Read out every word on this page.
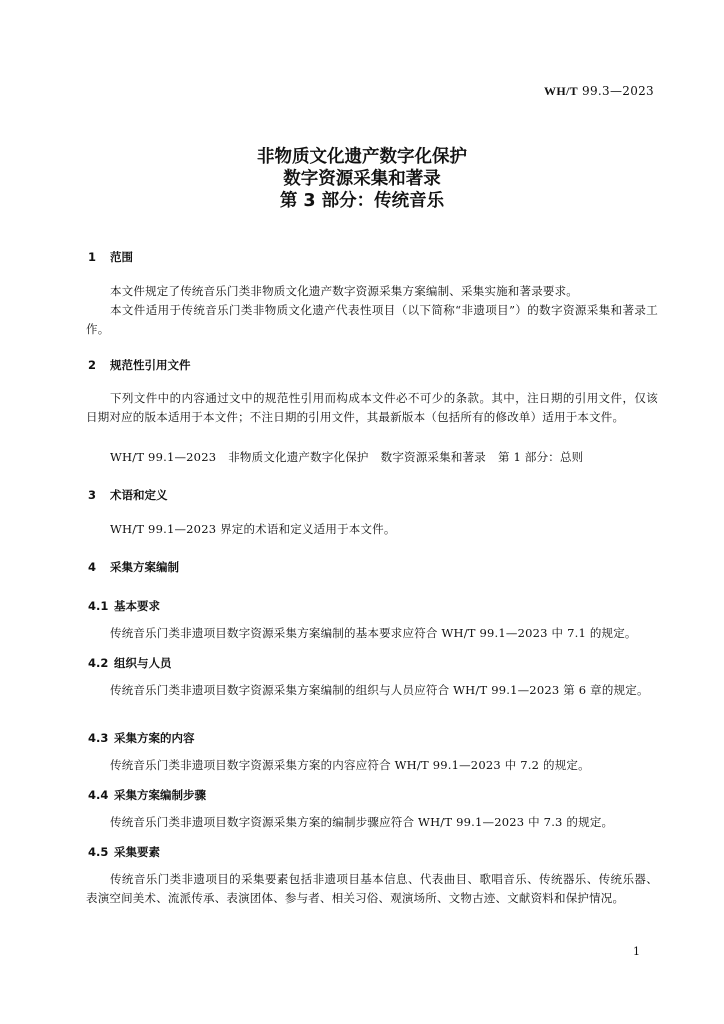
WH/T 99.3—2023
非物质文化遗产数字化保护
数字资源采集和著录
第 3 部分：传统音乐
1 范围
本文件规定了传统音乐门类非物质文化遗产数字资源采集方案编制、采集实施和著录要求。
本文件适用于传统音乐门类非物质文化遗产代表性项目（以下简称“非遗项目”）的数字资源采集和著录工作。
2 规范性引用文件
下列文件中的内容通过文中的规范性引用而构成本文件必不可少的条款。其中，注日期的引用文件，仅该日期对应的版本适用于本文件；不注日期的引用文件，其最新版本（包括所有的修改单）适用于本文件。
WH/T 99.1—2023 非物质文化遗产数字化保护 数字资源采集和著录 第 1 部分：总则
3 术语和定义
WH/T 99.1—2023 界定的术语和定义适用于本文件。
4 采集方案编制
4.1 基本要求
传统音乐门类非遗项目数字资源采集方案编制的基本要求应符合 WH/T 99.1—2023 中 7.1 的规定。
4.2 组织与人员
传统音乐门类非遗项目数字资源采集方案编制的组织与人员应符合 WH/T 99.1—2023 第 6 章的规定。
4.3 采集方案的内容
传统音乐门类非遗项目数字资源采集方案的内容应符合 WH/T 99.1—2023 中 7.2 的规定。
4.4 采集方案编制步骤
传统音乐门类非遗项目数字资源采集方案的编制步骤应符合 WH/T 99.1—2023 中 7.3 的规定。
4.5 采集要素
传统音乐门类非遗项目的采集要素包括非遗项目基本信息、代表曲目、歌唱音乐、传统器乐、传统乐器、表演空间美术、流派传承、表演团体、参与者、相关习俗、观演场所、文物古迹、文献资料和保护情况。
1
